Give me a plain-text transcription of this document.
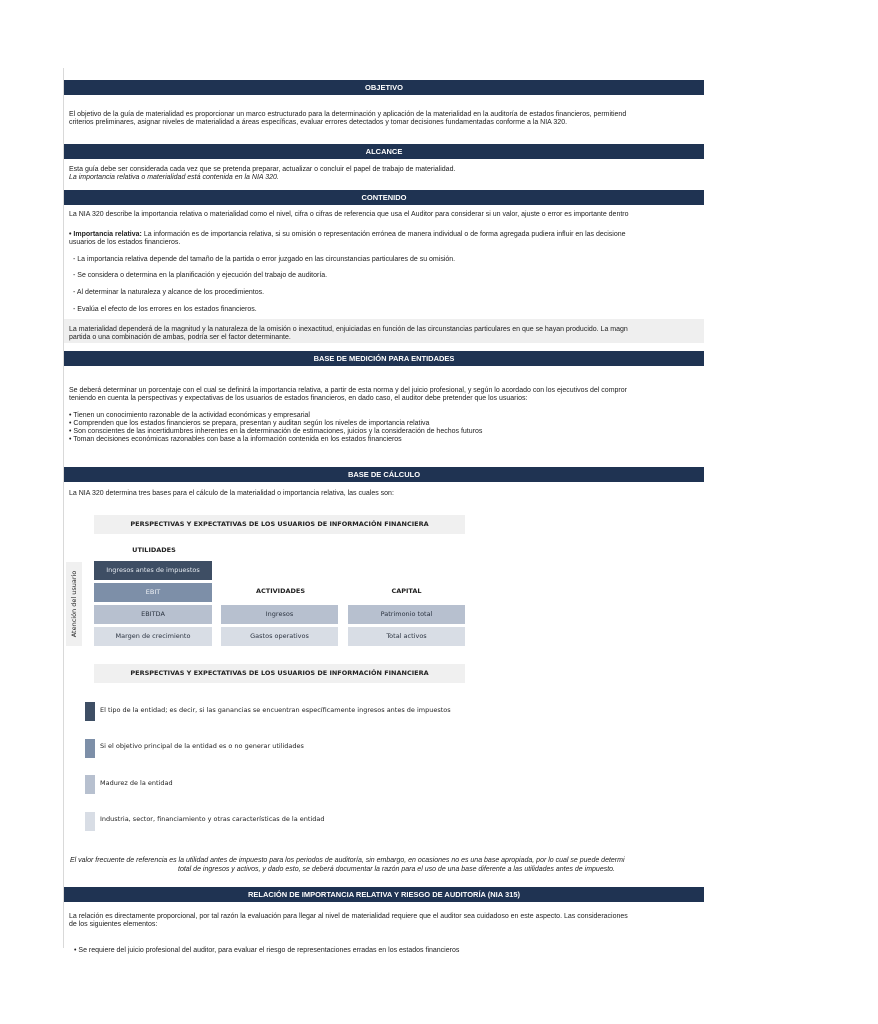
OBJETIVO
El objetivo de la guía de materialidad es proporcionar un marco estructurado para la determinación y aplicación de la materialidad en la auditoría de estados financieros, permitiend
criterios preliminares, asignar niveles de materialidad a áreas específicas, evaluar errores detectados y tomar decisiones fundamentadas conforme a la NIA 320.
ALCANCE
Esta guía debe ser considerada cada vez que se pretenda preparar, actualizar o concluir el papel de trabajo de materialidad.
La importancia relativa o materialidad está contenida en la NIA 320.
CONTENIDO
La NIA 320 describe la importancia relativa o materialidad como el nivel, cifra o cifras de referencia que usa el Auditor para considerar si un valor, ajuste o error es importante dentro
• Importancia relativa: La información es de importancia relativa, si su omisión o representación errónea de manera individual o de forma agregada pudiera influir en las decisione
usuarios de los estados financieros.
- La importancia relativa depende del tamaño de la partida o error juzgado en las circunstancias particulares de su omisión.
- Se considera o determina en la planificación y ejecución del trabajo de auditoría.
- Al determinar la naturaleza y alcance de los procedimientos.
- Evalúa el efecto de los errores en los estados financieros.
La materialidad dependerá de la magnitud y la naturaleza de la omisión o inexactitud, enjuiciadas en función de las circunstancias particulares en que se hayan producido. La magn
partida o una combinación de ambas, podría ser el factor determinante.
BASE DE MEDICIÓN PARA ENTIDADES
Se deberá determinar un porcentaje con el cual se definirá la importancia relativa, a partir de esta norma y del juicio profesional, y según lo acordado con los ejecutivos del compror
teniendo en cuenta la perspectivas y expectativas de los usuarios de estados financieros, en dado caso, el auditor debe pretender que los usuarios:
• Tienen un conocimiento razonable de la actividad económicas y empresarial
• Comprenden que los estados financieros se prepara, presentan y auditan según los niveles de importancia relativa
• Son conscientes de las incertidumbres inherentes en la determinación de estimaciones, juicios y la consideración de hechos futuros
• Toman decisiones económicas razonables con base a la información contenida en los estados financieros
BASE DE CÁLCULO
La NIA 320 determina tres bases para el cálculo de la materialidad o importancia relativa, las cuales son:
PERSPECTIVAS Y EXPECTATIVAS DE LOS USUARIOS DE INFORMACIÓN FINANCIERA
UTILIDADES
ACTIVIDADES	CAPITAL
Atención del usuario
Ingresos antes de impuestos
EBIT
EBITDA
Margen de crecimiento
Ingresos
Gastos operativos
Patrimonio total
Total activos
PERSPECTIVAS Y EXPECTATIVAS DE LOS USUARIOS DE INFORMACIÓN FINANCIERA
El tipo de la entidad; es decir, si las ganancias se encuentran específicamente ingresos antes de impuestos
Si el objetivo principal de la entidad es o no generar utilidades
Madurez de la entidad
Industria, sector, financiamiento y otras características de la entidad
El valor frecuente de referencia es la utilidad antes de impuesto para los periodos de auditoría, sin embargo, en ocasiones no es una base apropiada, por lo cual se puede determi
total de ingresos y activos, y dado esto, se deberá documentar la razón para el uso de una base diferente a las utilidades antes de impuesto.
RELACIÓN DE IMPORTANCIA RELATIVA Y RIESGO DE AUDITORÍA (NIA 315)
La relación es directamente proporcional, por tal razón la evaluación para llegar al nivel de materialidad requiere que el auditor sea cuidadoso en este aspecto. Las consideraciones
de los siguientes elementos:
• Se requiere del juicio profesional del auditor, para evaluar el riesgo de representaciones erradas en los estados financieros
